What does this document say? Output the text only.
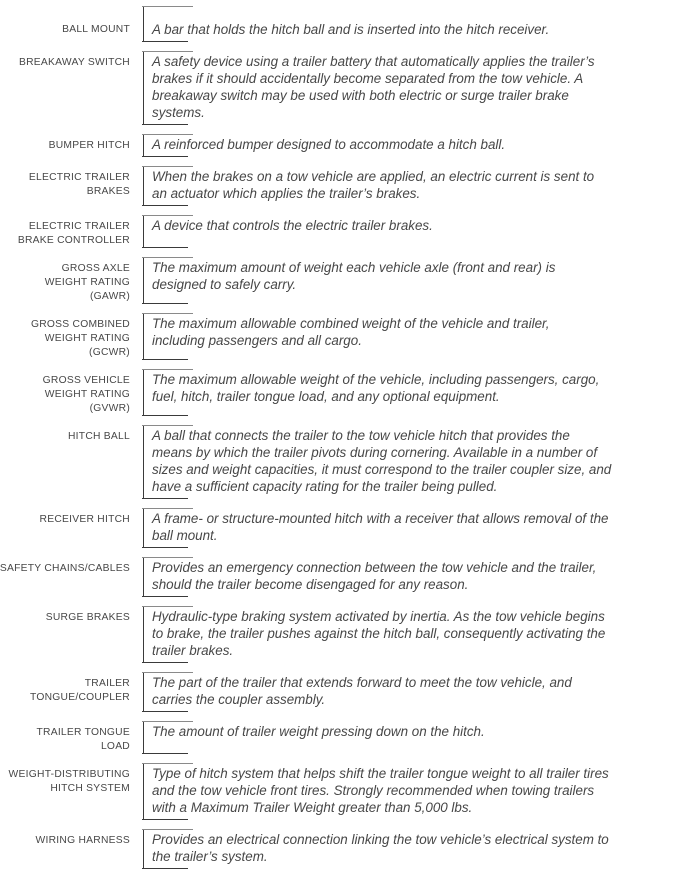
BALL MOUNT A bar that holds the hitch ball and is inserted into the hitch receiver.
BREAKAWAY SWITCH A safety device using a trailer battery that automatically applies the trailer’s
brakes if it should accidentally become separated from the tow vehicle. A
breakaway switch may be used with both electric or surge trailer brake
systems.
BUMPER HITCH A reinforced bumper designed to accommodate a hitch ball.
ELECTRIC TRAILER
BRAKES
When the brakes on a tow vehicle are applied, an electric current is sent to
an actuator which applies the trailer’s brakes.
ELECTRIC TRAILER
BRAKE CONTROLLER
A device that controls the electric trailer brakes.
GROSS AXLE
WEIGHT RATING
(GAWR)
The maximum amount of weight each vehicle axle (front and rear) is
designed to safely carry.
GROSS COMBINED
WEIGHT RATING
(GCWR)
The maximum allowable combined weight of the vehicle and trailer,
including passengers and all cargo.
GROSS VEHICLE
WEIGHT RATING
(GVWR)
The maximum allowable weight of the vehicle, including passengers, cargo,
fuel, hitch, trailer tongue load, and any optional equipment.
HITCH BALL A ball that connects the trailer to the tow vehicle hitch that provides the
means by which the trailer pivots during cornering. Available in a number of
sizes and weight capacities, it must correspond to the trailer coupler size, and
have a sufficient capacity rating for the trailer being pulled.
RECEIVER HITCH A frame- or structure-mounted hitch with a receiver that allows removal of the
ball mount.
SAFETY CHAINS/CABLES Provides an emergency connection between the tow vehicle and the trailer,
should the trailer become disengaged for any reason.
SURGE BRAKES Hydraulic-type braking system activated by inertia. As the tow vehicle begins
to brake, the trailer pushes against the hitch ball, consequently activating the
trailer brakes.
TRAILER
TONGUE/COUPLER
The part of the trailer that extends forward to meet the tow vehicle, and
carries the coupler assembly.
TRAILER TONGUE
LOAD
The amount of trailer weight pressing down on the hitch.
WEIGHT-DISTRIBUTING
HITCH SYSTEM
Type of hitch system that helps shift the trailer tongue weight to all trailer tires
and the tow vehicle front tires. Strongly recommended when towing trailers
with a Maximum Trailer Weight greater than 5,000 lbs.
WIRING HARNESS Provides an electrical connection linking the tow vehicle’s electrical system to
the trailer’s system.
